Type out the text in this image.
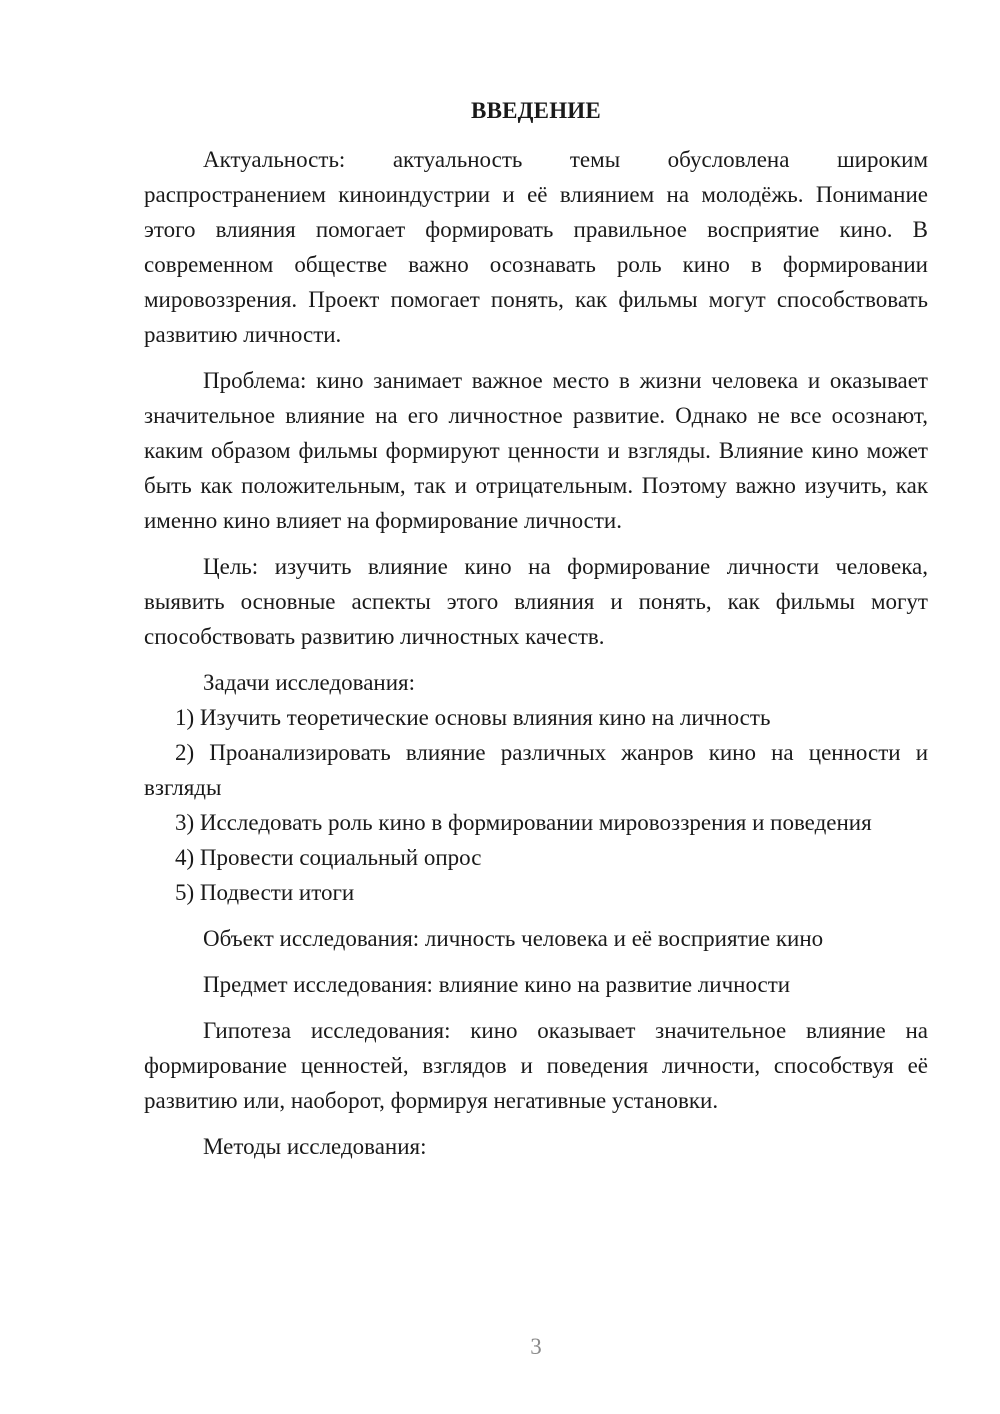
ВВЕДЕНИЕ

Актуальность: актуальность темы обусловлена широким распространением киноиндустрии и её влиянием на молодёжь. Понимание этого влияния помогает формировать правильное восприятие кино. В современном обществе важно осознавать роль кино в формировании мировоззрения. Проект помогает понять, как фильмы могут способствовать развитию личности.

Проблема: кино занимает важное место в жизни человека и оказывает значительное влияние на его личностное развитие. Однако не все осознают, каким образом фильмы формируют ценности и взгляды. Влияние кино может быть как положительным, так и отрицательным. Поэтому важно изучить, как именно кино влияет на формирование личности.

Цель: изучить влияние кино на формирование личности человека, выявить основные аспекты этого влияния и понять, как фильмы могут способствовать развитию личностных качеств.

Задачи исследования:

1) Изучить теоретические основы влияния кино на личность

2) Проанализировать влияние различных жанров кино на ценности и взгляды

3) Исследовать роль кино в формировании мировоззрения и поведения

4) Провести социальный опрос

5) Подвести итоги

Объект исследования: личность человека и её восприятие кино

Предмет исследования: влияние кино на развитие личности

Гипотеза исследования: кино оказывает значительное влияние на формирование ценностей, взглядов и поведения личности, способствуя её развитию или, наоборот, формируя негативные установки.

Методы исследования:

3
